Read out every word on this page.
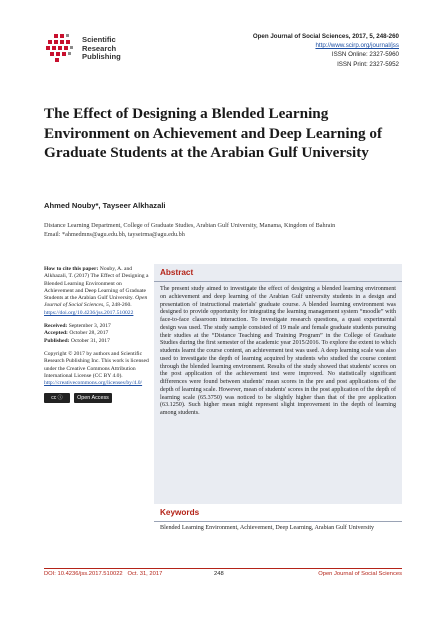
Scientific
Research
Publishing
Open Journal of Social Sciences, 2017, 5, 248-260
http://www.scirp.org/journal/jss
ISSN Online: 2327-5960
ISSN Print: 2327-5952
The Effect of Designing a Blended Learning Environment on Achievement and Deep Learning of Graduate Students at the Arabian Gulf University
Ahmed Nouby*, Tayseer Alkhazali
Distance Learning Department, College of Graduate Studies, Arabian Gulf University, Manama, Kingdom of Bahrain
Email: *ahmedmns@agu.edu.bh, tayseirma@agu.edu.bh

How to cite this paper: Nouby, A. and Alkhazali, T. (2017) The Effect of Designing a Blended Learning Environment on Achievement and Deep Learning of Graduate Students at the Arabian Gulf University. Open Journal of Social Sciences, 5, 248-260. https://doi.org/10.4236/jss.2017.510022

Received: September 3, 2017
Accepted: October 28, 2017
Published: October 31, 2017

Copyright © 2017 by authors and Scientific Research Publishing Inc. This work is licensed under the Creative Commons Attribution International License (CC BY 4.0).
http://creativecommons.org/licenses/by/4.0/

cc ⓘ	Open Access
Abstract
The present study aimed to investigate the effect of designing a blended learning environment on achievement and deep learning of the Arabian Gulf university students in a design and presentation of instructional materials' graduate course. A blended learning environment was designed to provide opportunity for integrating the learning management system “moodle” with face-to-face classroom interaction. To investigate research questions, a quasi experimental design was used. The study sample consisted of 19 male and female graduate students pursuing their studies at the “Distance Teaching and Training Program” in the College of Graduate Studies during the first semester of the academic year 2015/2016. To explore the extent to which students learnt the course content, an achievement test was used. A deep learning scale was also used to investigate the depth of learning acquired by students who studied the course content through the blended learning environment. Results of the study showed that students' scores on the post application of the achievement test were improved. No statistically significant differences were found between students' mean scores in the pre and post applications of the depth of learning scale. However, mean of students' scores in the post application of the depth of learning scale (65.3750) was noticed to be slightly higher than that of the pre application (63.1250). Such higher mean might represent slight improvement in the depth of learning among students.
Keywords
Blended Learning Environment, Achievement, Deep Learning, Arabian Gulf University
DOI: 10.4236/jss.2017.510022 Oct. 31, 2017	248	Open Journal of Social Sciences
